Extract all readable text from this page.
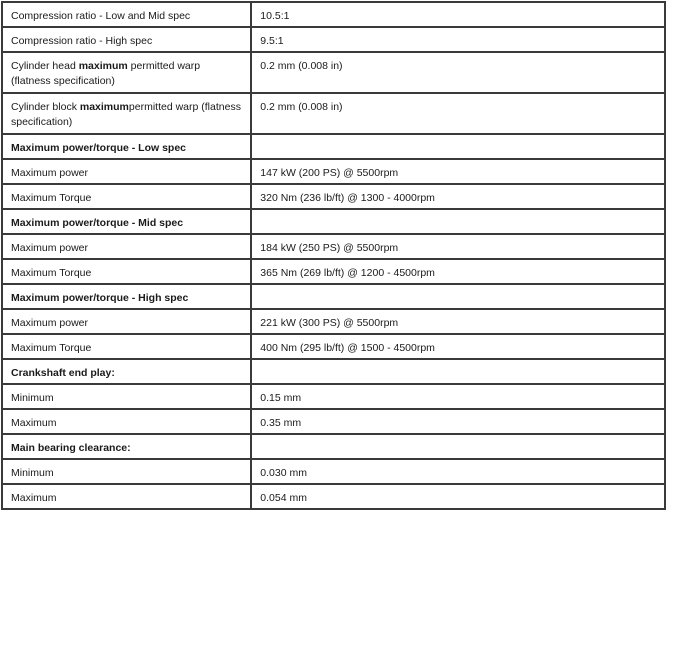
Compression ratio - Low and Mid spec	10.5:1
Compression ratio - High spec	9.5:1
Cylinder head maximum permitted warp (flatness specification)	0.2 mm (0.008 in)
Cylinder block maximumpermitted warp (flatness specification)	0.2 mm (0.008 in)
Maximum power/torque - Low spec	
Maximum power	147 kW (200 PS) @ 5500rpm
Maximum Torque	320 Nm (236 lb/ft) @ 1300 - 4000rpm
Maximum power/torque - Mid spec	
Maximum power	184 kW (250 PS) @ 5500rpm
Maximum Torque	365 Nm (269 lb/ft) @ 1200 - 4500rpm
Maximum power/torque - High spec	
Maximum power	221 kW (300 PS) @ 5500rpm
Maximum Torque	400 Nm (295 lb/ft) @ 1500 - 4500rpm
Crankshaft end play:	
Minimum	0.15 mm
Maximum	0.35 mm
Main bearing clearance:	
Minimum	0.030 mm
Maximum	0.054 mm
